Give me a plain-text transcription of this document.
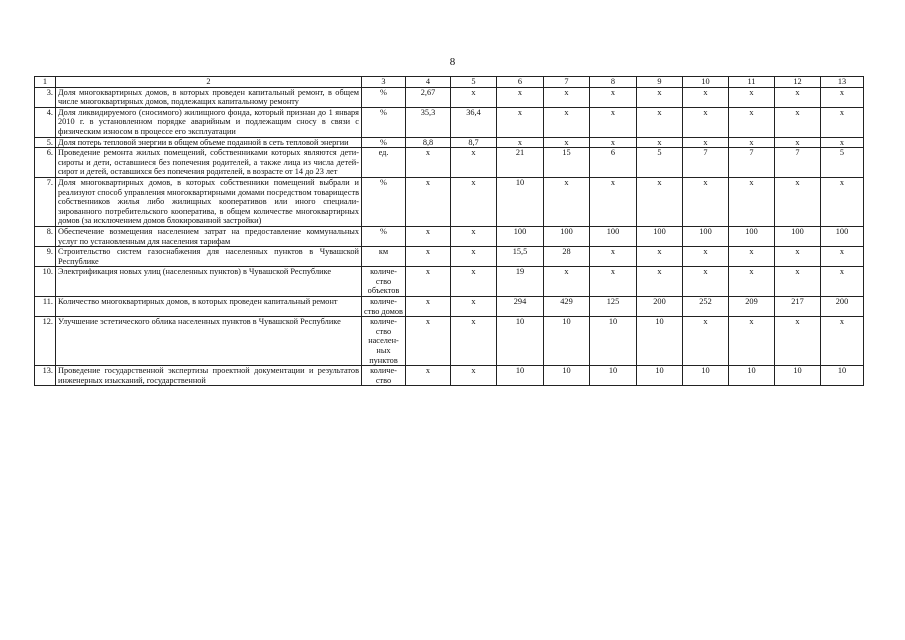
8
1	2	3	4	5	6	7	8	9	10	11	12	13
3.	Доля многоквартирных домов, в которых проведен капитальный ремонт, в общем числе многоквартирных домов, подлежащих капитальному ремонту	%	2,67	х	х	х	х	х	х	х	х	х
4.	Доля ликвидируемого (сносимого) жилищного фонда, который признан до 1 января 2010 г. в установленном порядке аварийным и подлежащим сносу в связи с физическим износом в процессе его эксплуатации	%	35,3	36,4	х	х	х	х	х	х	х	х
5.	Доля потерь тепловой энергии в общем объеме поданной в сеть тепловой энергии	%	8,8	8,7	х	х	х	х	х	х	х	х
6.	Проведение ремонта жилых помещений, собственниками которых являются дети-сироты и дети, оставшиеся без попечения родителей, а также лица из числа детей-сирот и детей, оставшихся без попечения родителей, в возрасте от 14 до 23 лет	ед.	х	х	21	15	6	5	7	7	7	5
7.	Доля многоквартирных домов, в которых собственники помещений выбрали и реализуют способ управления многоквартирными домами посредством товариществ собственников жилья либо жилищных кооперативов или иного специализированного потребительского кооператива, в общем количестве многоквартирных домов (за исключением домов блокированной застройки)	%	х	х	10	х	х	х	х	х	х	х
8.	Обеспечение возмещения населением затрат на предоставление коммунальных услуг по установленным для населения тарифам	%	х	х	100	100	100	100	100	100	100	100
9.	Строительство систем газоснабжения для населенных пунктов в Чувашской Республике	км	х	х	15,5	28	х	х	х	х	х	х
10.	Электрификация новых улиц (населенных пунктов) в Чувашской Республике	количество объектов	х	х	19	х	х	х	х	х	х	х
11.	Количество многоквартирных домов, в которых проведен капитальный ремонт	количество домов	х	х	294	429	125	200	252	209	217	200
12.	Улучшение эстетического облика населенных пунктов в Чувашской Республике	количество населенных пунктов	х	х	10	10	10	10	х	х	х	х
13.	Проведение государственной экспертизы проектной документации и результатов инженерных изысканий, государственной	количество	х	х	10	10	10	10	10	10	10	10
